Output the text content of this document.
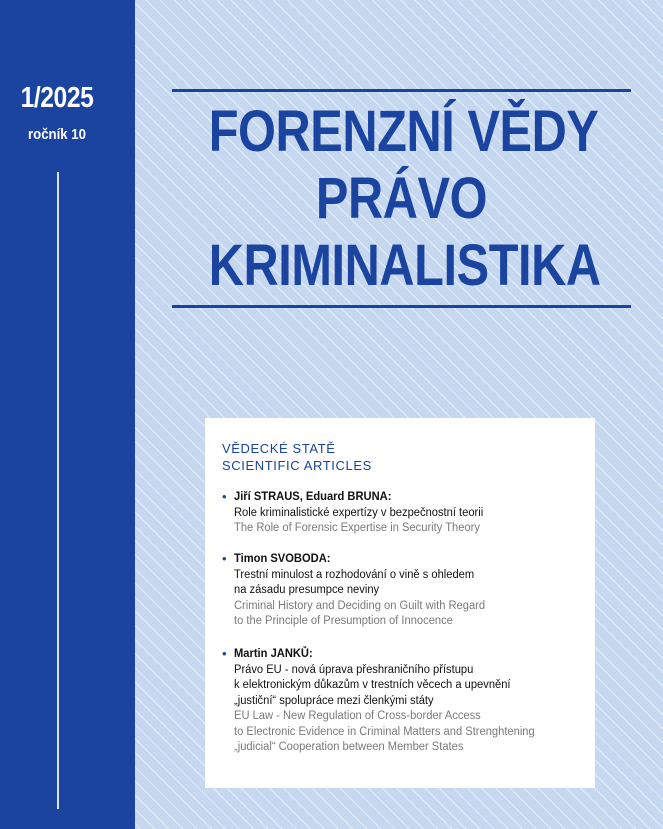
1/2025
ročník 10	FORENZNÍ VĚDY
PRÁVO
KRIMINALISTIKA
VĚDECKÉ STATĚ
SCIENTIFIC ARTICLES
• Jiří STRAUS, Eduard BRUNA:
Role kriminalistické expertízy v bezpečnostní teorii
The Role of Forensic Expertise in Security Theory
• Timon SVOBODA:
Trestní minulost a rozhodování o vině s ohledem
na zásadu presumpce neviny
Criminal History and Deciding on Guilt with Regard
to the Principle of Presumption of Innocence
• Martin JANKŮ:
Právo EU - nová úprava přeshraničního přístupu
k elektronickým důkazům v trestních věcech a upevnění
„justiční“ spolupráce mezi členkými státy
EU Law - New Regulation of Cross-border Access
to Electronic Evidence in Criminal Matters and Strenghtening
„judicial“ Cooperation between Member States
